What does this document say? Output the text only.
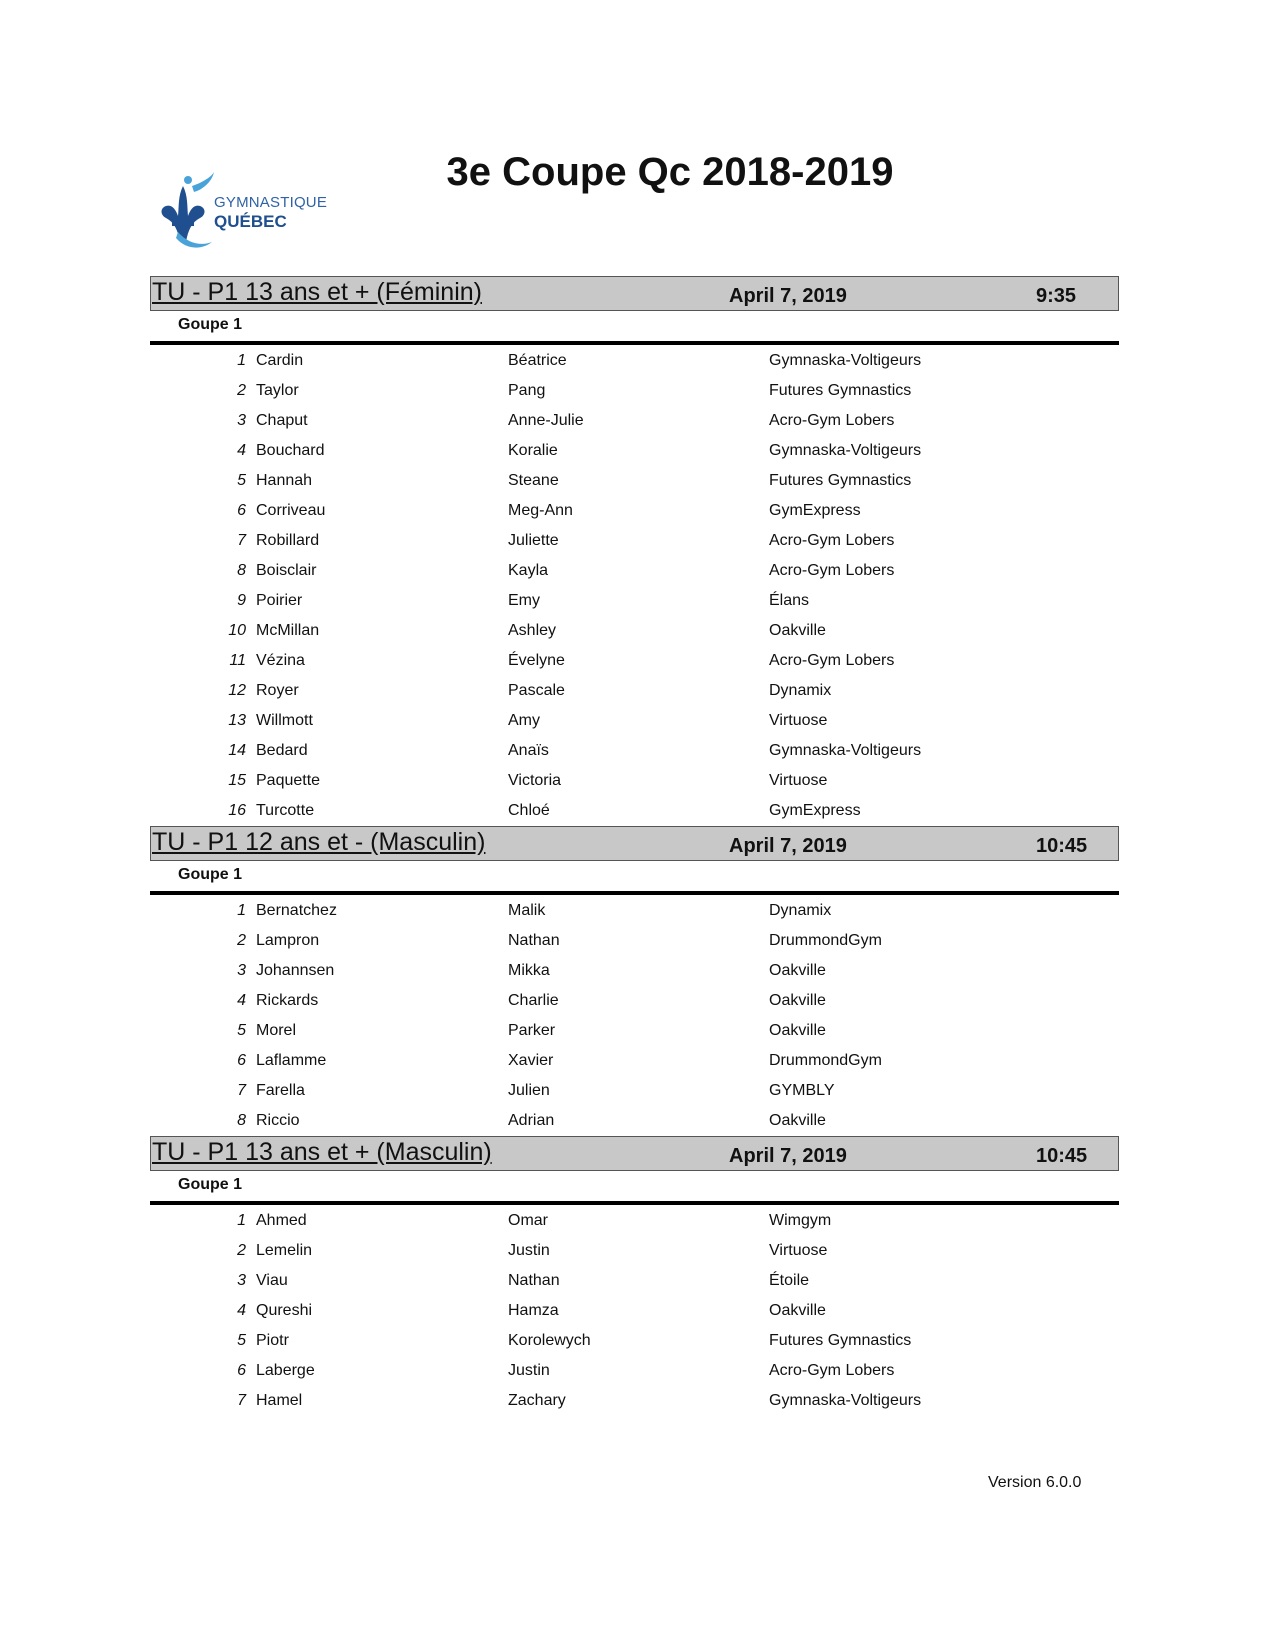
GYMNASTIQUE
QUÉBEC
3e Coupe Qc 2018-2019
TU - P1 13 ans et + (Féminin)	April 7, 2019	9:35
Goupe 1
1 Cardin	Béatrice	Gymnaska-Voltigeurs
2 Taylor	Pang	Futures Gymnastics
3 Chaput	Anne-Julie	Acro-Gym Lobers
4 Bouchard	Koralie	Gymnaska-Voltigeurs
5 Hannah	Steane	Futures Gymnastics
6 Corriveau	Meg-Ann	GymExpress
7 Robillard	Juliette	Acro-Gym Lobers
8 Boisclair	Kayla	Acro-Gym Lobers
9 Poirier	Emy	Élans
10 McMillan	Ashley	Oakville
11 Vézina	Évelyne	Acro-Gym Lobers
12 Royer	Pascale	Dynamix
13 Willmott	Amy	Virtuose
14 Bedard	Anaïs	Gymnaska-Voltigeurs
15 Paquette	Victoria	Virtuose
16 Turcotte	Chloé	GymExpress
TU - P1 12 ans et - (Masculin)	April 7, 2019	10:45
Goupe 1
1 Bernatchez	Malik	Dynamix
2 Lampron	Nathan	DrummondGym
3 Johannsen	Mikka	Oakville
4 Rickards	Charlie	Oakville
5 Morel	Parker	Oakville
6 Laflamme	Xavier	DrummondGym
7 Farella	Julien	GYMBLY
8 Riccio	Adrian	Oakville
TU - P1 13 ans et + (Masculin)	April 7, 2019	10:45
Goupe 1
1 Ahmed	Omar	Wimgym
2 Lemelin	Justin	Virtuose
3 Viau	Nathan	Étoile
4 Qureshi	Hamza	Oakville
5 Piotr	Korolewych	Futures Gymnastics
6 Laberge	Justin	Acro-Gym Lobers
7 Hamel	Zachary	Gymnaska-Voltigeurs
Version 6.0.0
